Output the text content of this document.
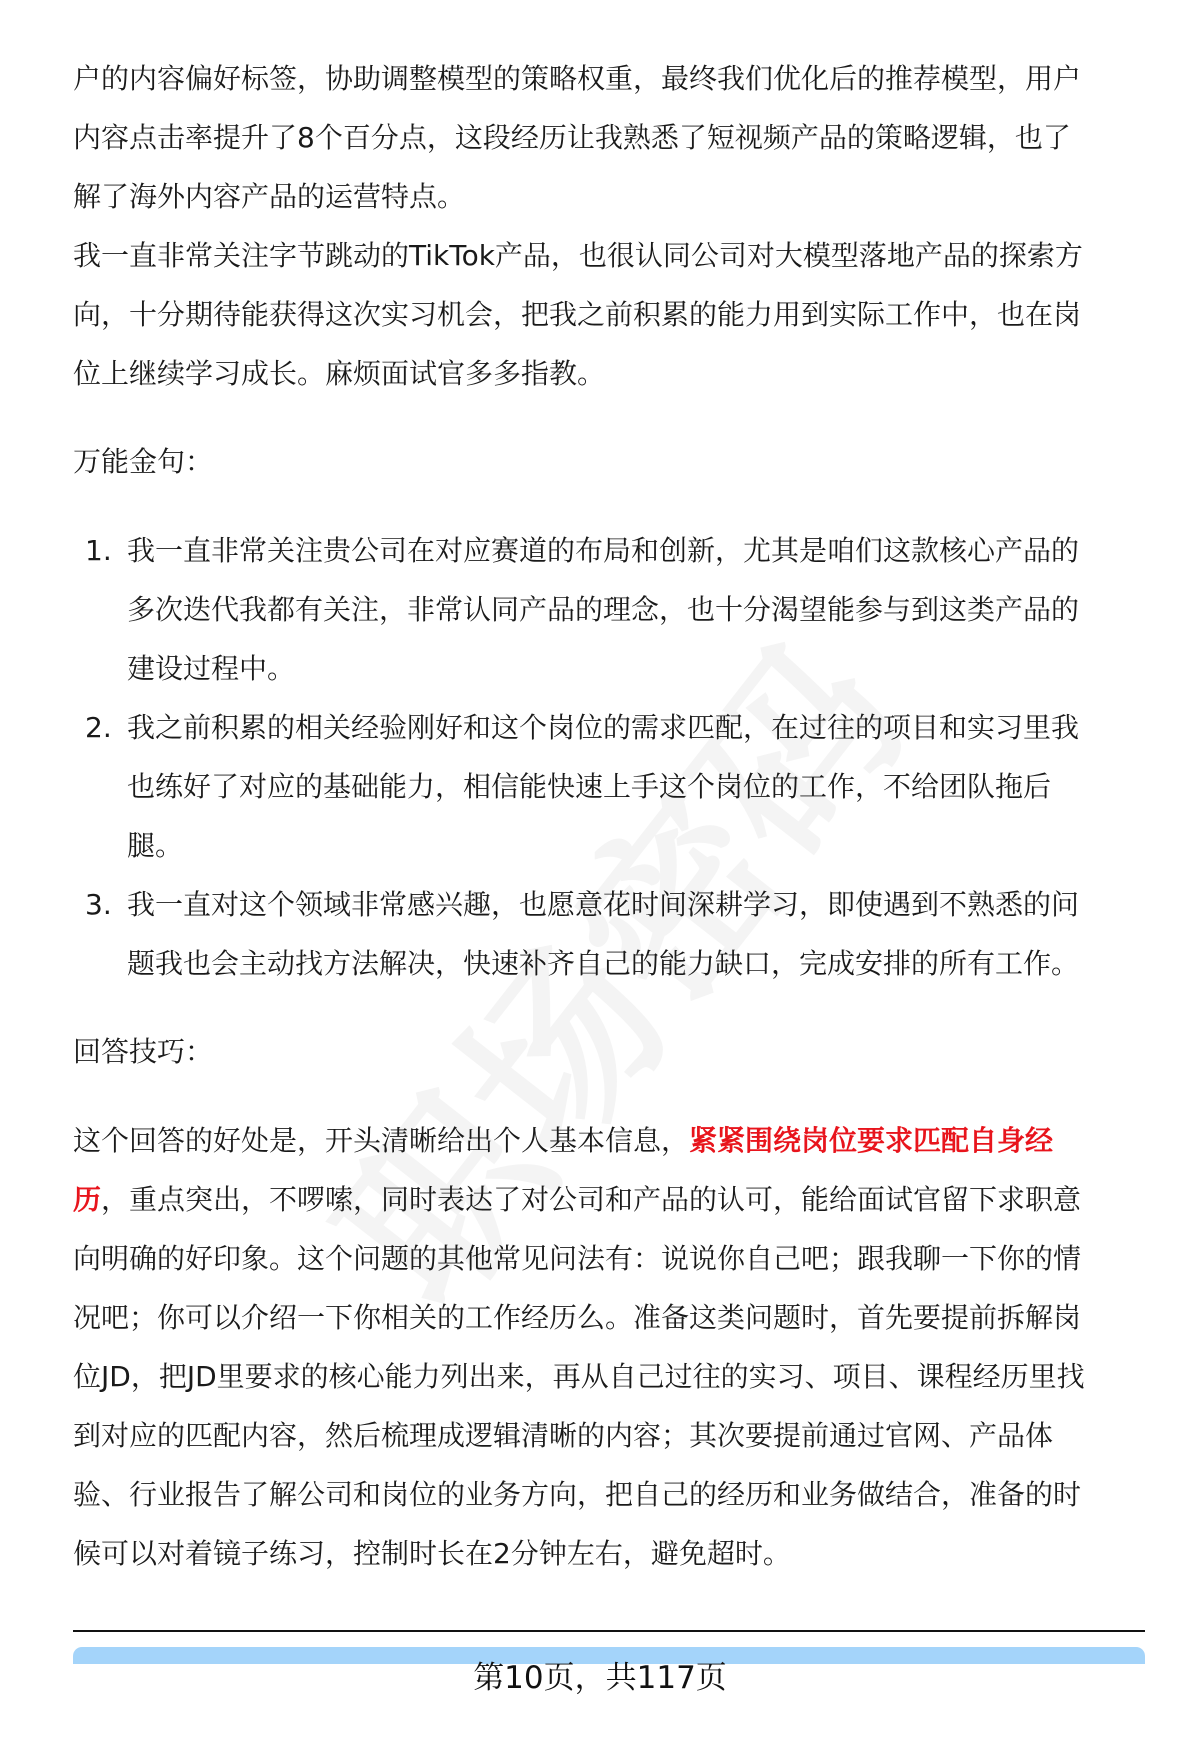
户的内容偏好标签，协助调整模型的策略权重，最终我们优化后的推荐模型，用户
内容点击率提升了8个百分点，这段经历让我熟悉了短视频产品的策略逻辑，也了
解了海外内容产品的运营特点。
我一直非常关注字节跳动的TikTok产品，也很认同公司对大模型落地产品的探索方
向，十分期待能获得这次实习机会，把我之前积累的能力用到实际工作中，也在岗
位上继续学习成长。麻烦面试官多多指教。
万能金句：
1. 我一直非常关注贵公司在对应赛道的布局和创新，尤其是咱们这款核心产品的
多次迭代我都有关注，非常认同产品的理念，也十分渴望能参与到这类产品的
建设过程中。
2. 我之前积累的相关经验刚好和这个岗位的需求匹配，在过往的项目和实习里我
也练好了对应的基础能力，相信能快速上手这个岗位的工作，不给团队拖后
腿。
3. 我一直对这个领域非常感兴趣，也愿意花时间深耕学习，即使遇到不熟悉的问
题我也会主动找方法解决，快速补齐自己的能力缺口，完成安排的所有工作。
回答技巧：
这个回答的好处是，开头清晰给出个人基本信息，紧紧围绕岗位要求匹配自身经
历，重点突出，不啰嗦，同时表达了对公司和产品的认可，能给面试官留下求职意
向明确的好印象。这个问题的其他常见问法有：说说你自己吧；跟我聊一下你的情
况吧；你可以介绍一下你相关的工作经历么。准备这类问题时，首先要提前拆解岗
位JD，把JD里要求的核心能力列出来，再从自己过往的实习、项目、课程经历里找
到对应的匹配内容，然后梳理成逻辑清晰的内容；其次要提前通过官网、产品体
验、行业报告了解公司和岗位的业务方向，把自己的经历和业务做结合，准备的时
候可以对着镜子练习，控制时长在2分钟左右，避免超时。
第10页，共117页
